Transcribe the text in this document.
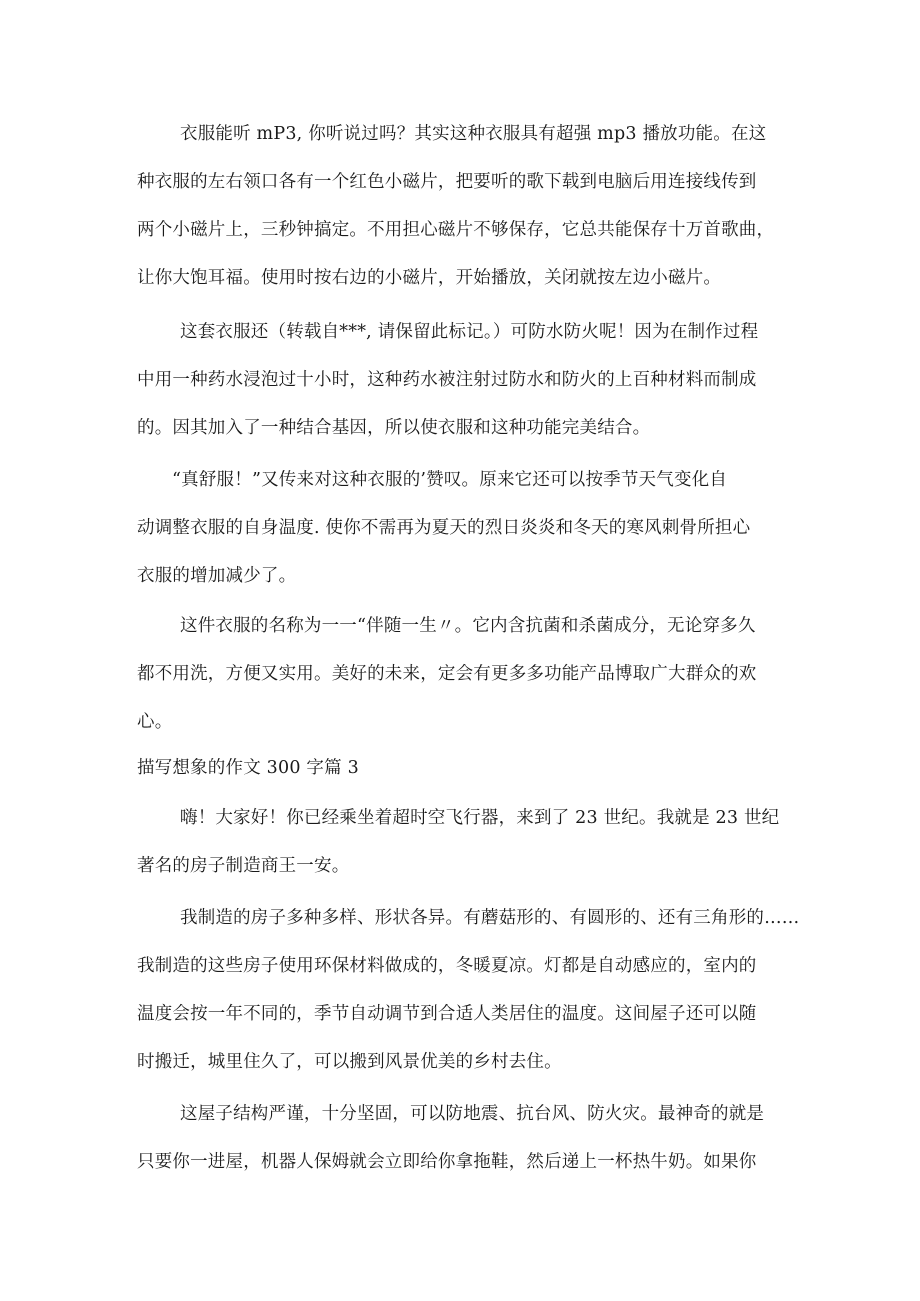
衣服能听 mP3, 你听说过吗？其实这种衣服具有超强 mp3 播放功能。在这
种衣服的左右领口各有一个红色小磁片，把要听的歌下载到电脑后用连接线传到
两个小磁片上，三秒钟搞定。不用担心磁片不够保存，它总共能保存十万首歌曲，
让你大饱耳福。使用时按右边的小磁片，开始播放，关闭就按左边小磁片。
这套衣服还（转载自***, 请保留此标记。）可防水防火呢！因为在制作过程
中用一种药水浸泡过十小时，这种药水被注射过防水和防火的上百种材料而制成
的。因其加入了一种结合基因，所以使衣服和这种功能完美结合。
“真舒服！”又传来对这种衣服的’赞叹。原来它还可以按季节天气变化自
动调整衣服的自身温度. 使你不需再为夏天的烈日炎炎和冬天的寒风刺骨所担心
衣服的增加减少了。
这件衣服的名称为一一“伴随一生〃。它内含抗菌和杀菌成分，无论穿多久
都不用洗，方便又实用。美好的未来，定会有更多多功能产品博取广大群众的欢
心。
描写想象的作文 300 字篇 3
嗨！大家好！你已经乘坐着超时空飞行器，来到了 23 世纪。我就是 23 世纪
著名的房子制造商王一安。
我制造的房子多种多样、形状各异。有蘑菇形的、有圆形的、还有三角形的……
我制造的这些房子使用环保材料做成的，冬暖夏凉。灯都是自动感应的，室内的
温度会按一年不同的，季节自动调节到合适人类居住的温度。这间屋子还可以随
时搬迁，城里住久了，可以搬到风景优美的乡村去住。
这屋子结构严谨，十分坚固，可以防地震、抗台风、防火灾。最神奇的就是
只要你一进屋，机器人保姆就会立即给你拿拖鞋，然后递上一杯热牛奶。如果你
